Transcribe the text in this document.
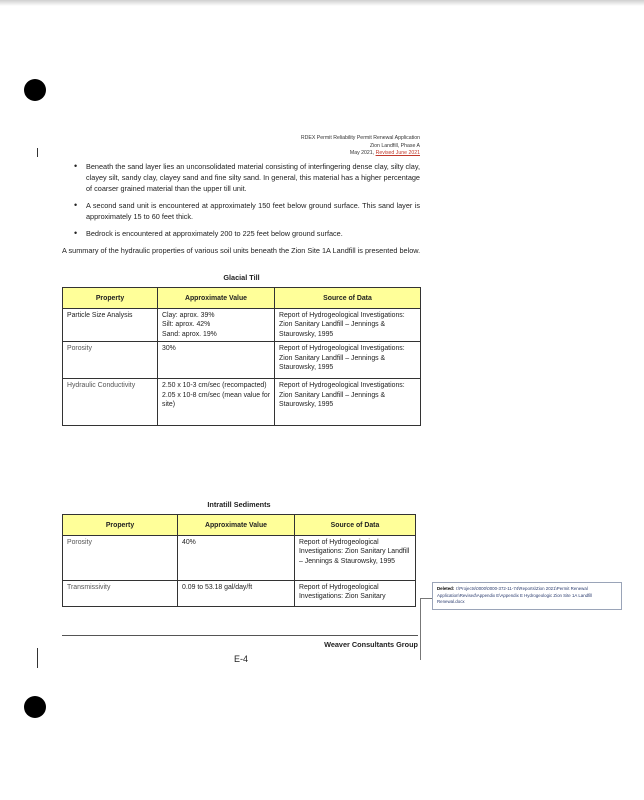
RDEX Permit Reliability Permit Renewal Application
Zion Landfill, Phase A
May 2021, Revised June 2021
• Beneath the sand layer lies an unconsolidated material consisting of interfingering dense clay, silty clay, clayey silt, sandy clay, clayey sand and fine silty sand. In general, this material has a higher percentage of coarser grained material than the upper till unit.
• A second sand unit is encountered at approximately 150 feet below ground surface. This sand layer is approximately 15 to 60 feet thick.
• Bedrock is encountered at approximately 200 to 225 feet below ground surface.
A summary of the hydraulic properties of various soil units beneath the Zion Site 1A Landfill is presented below.
Glacial Till
Property	Approximate Value	Source of Data
Particle Size Analysis	Clay: aprox. 39%
Silt: aprox. 42%
Sand: aprox. 19%	Report of Hydrogeological Investigations: Zion Sanitary Landfill – Jennings & Staurowsky, 1995
Porosity	30%	Report of Hydrogeological Investigations: Zion Sanitary Landfill – Jennings & Staurowsky, 1995
Hydraulic Conductivity	2.50 x 10-3 cm/sec (recompacted)
2.05 x 10-8 cm/sec (mean value for site)	Report of Hydrogeological Investigations: Zion Sanitary Landfill – Jennings & Staurowsky, 1995
Intratill Sediments
Property	Approximate Value	Source of Data
Porosity	40%	Report of Hydrogeological Investigations: Zion Sanitary Landfill – Jennings & Staurowsky, 1995
Transmissivity	0.09 to 53.18 gal/day/ft	Report of Hydrogeological Investigations: Zion Sanitary
Weaver Consultants Group
E-4
Deleted: I:\Projects\0000\0000-372-11-74\Reports\Zion 2021\Permit Renewal Application\Revised\Appendix E\Appendix E Hydrogeologic Zion Site 1A Landfill Renewal.docx
